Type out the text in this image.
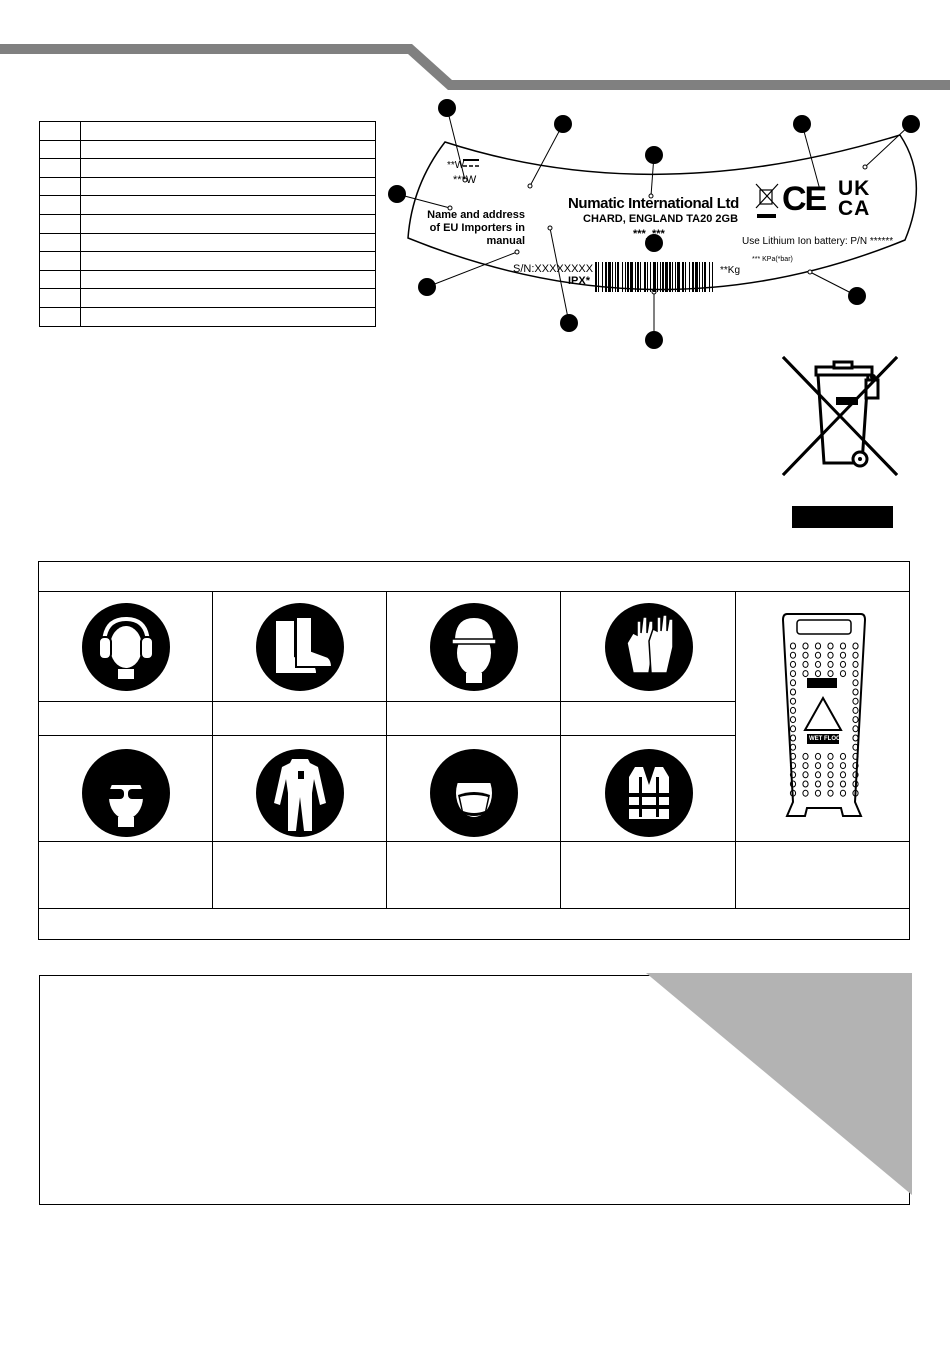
**W
***W
Name and address
of EU Importers in
manual
Numatic International Ltd
CHARD, ENGLAND TA20 2GB
***_***
S/N:XXXXXXXX
IPX*
**Kg
Use Lithium Ion battery: P/N ******
*** KPa(*bar)
CE UK
CA
CAUTION
WET FLOOR
Underhåll
